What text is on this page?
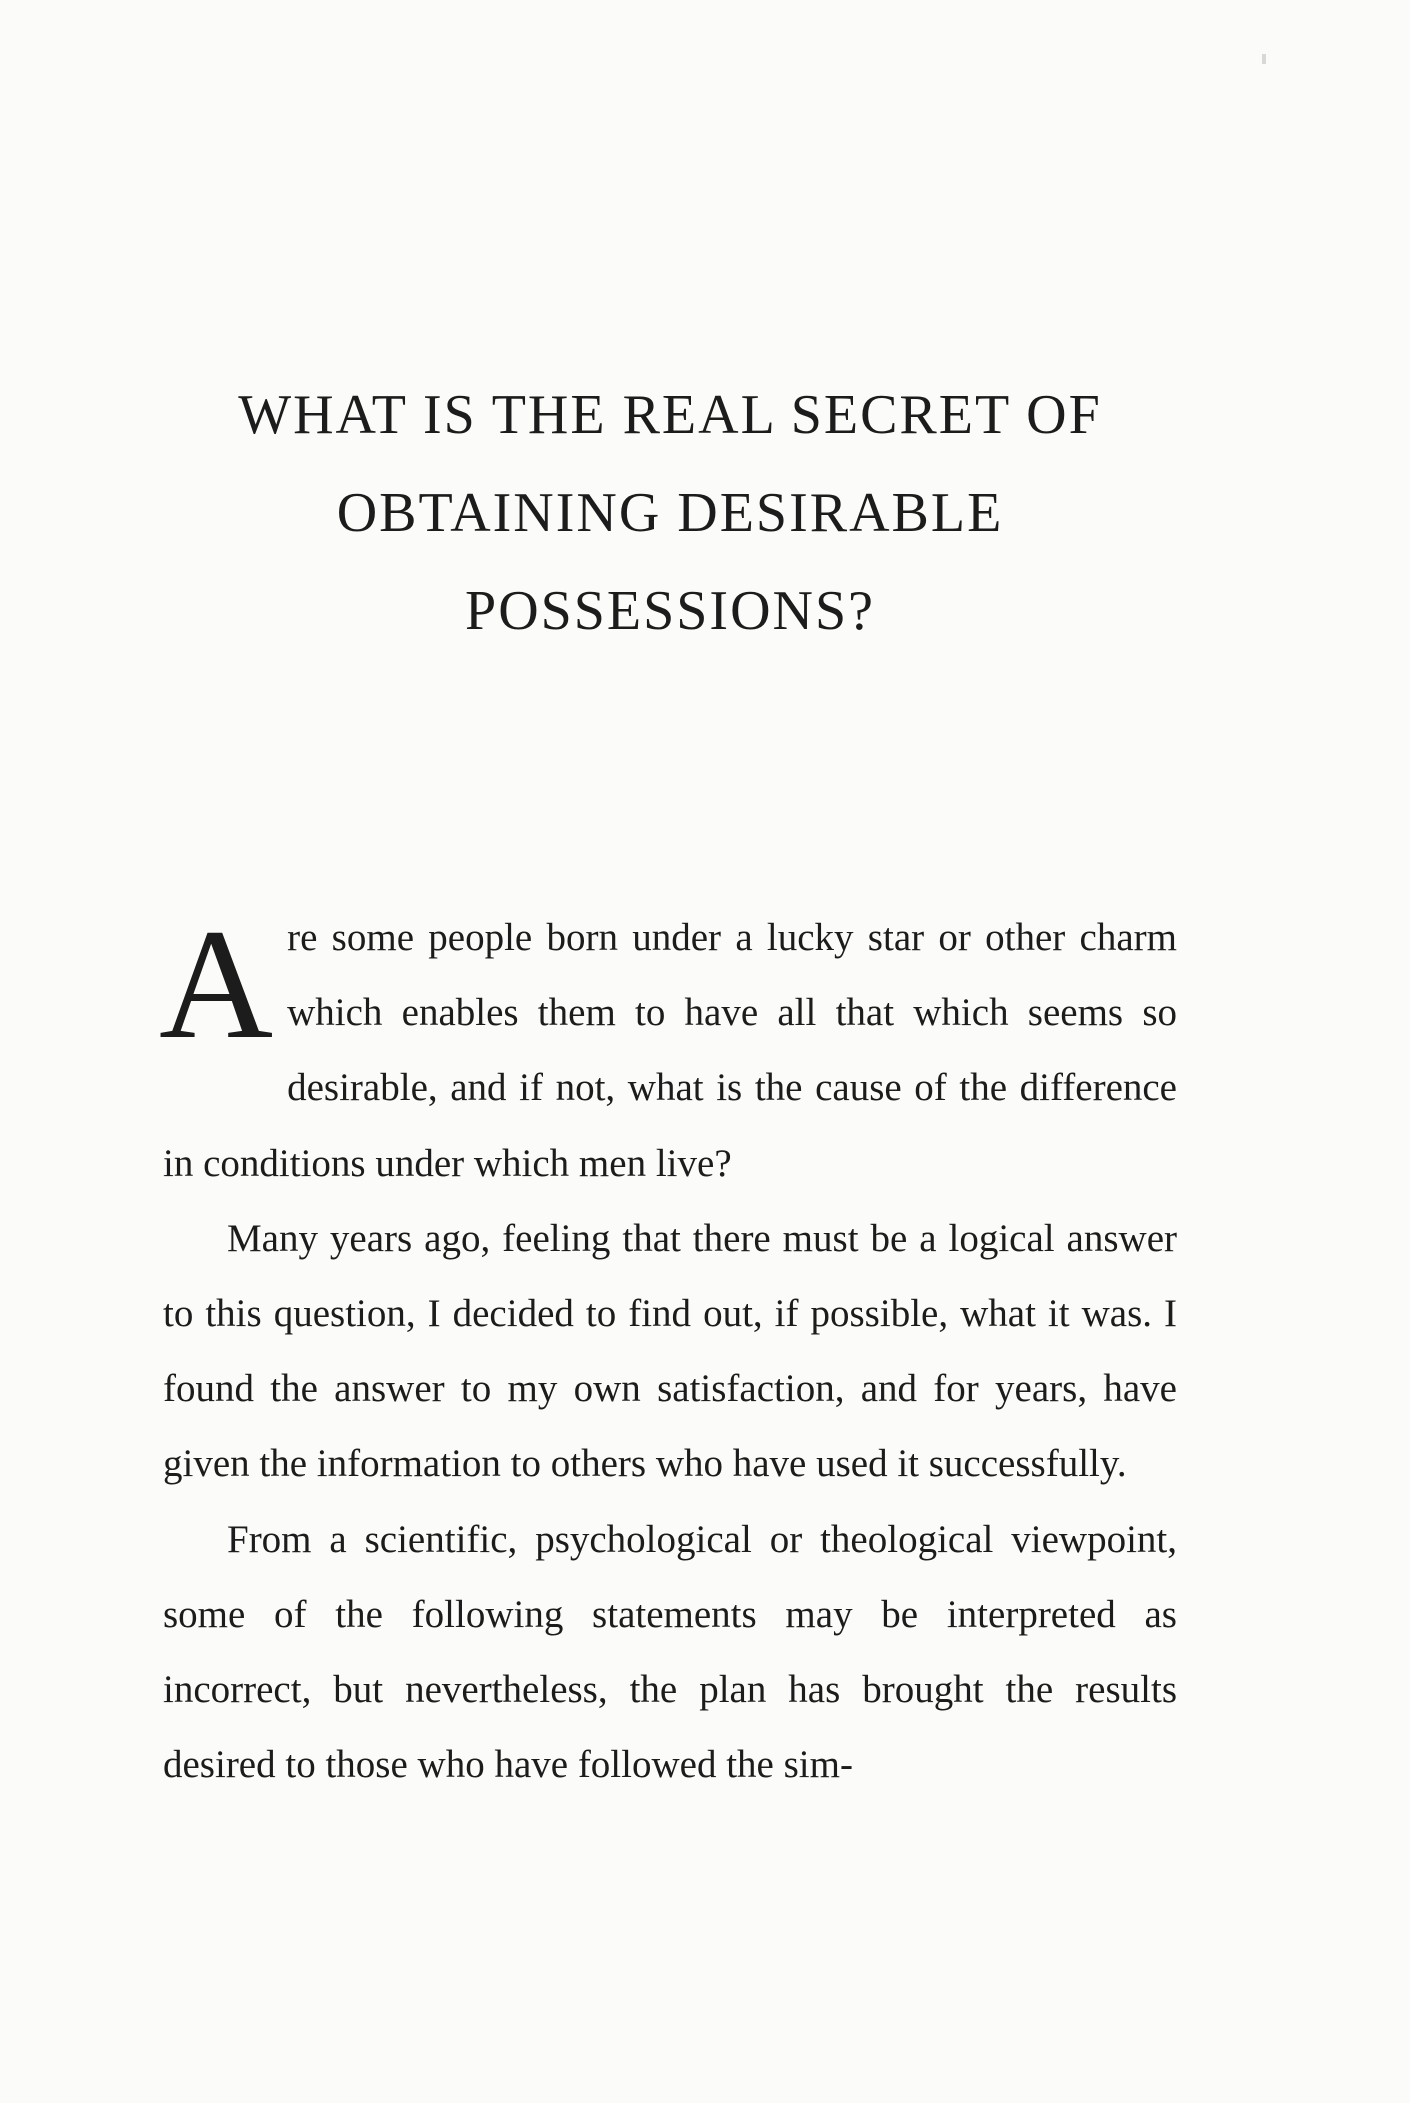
WHAT IS THE REAL SECRET OF
OBTAINING DESIRABLE
POSSESSIONS?

Are some people born under a lucky star or other charm which enables them to have all that which seems so desirable, and if not, what is the cause of the difference in conditions under which men live?

Many years ago, feeling that there must be a logical answer to this question, I decided to find out, if possible, what it was. I found the answer to my own satisfaction, and for years, have given the information to others who have used it successfully.

From a scientific, psychological or theological viewpoint, some of the following statements may be interpreted as incorrect, but nevertheless, the plan has brought the results desired to those who have followed the sim-
